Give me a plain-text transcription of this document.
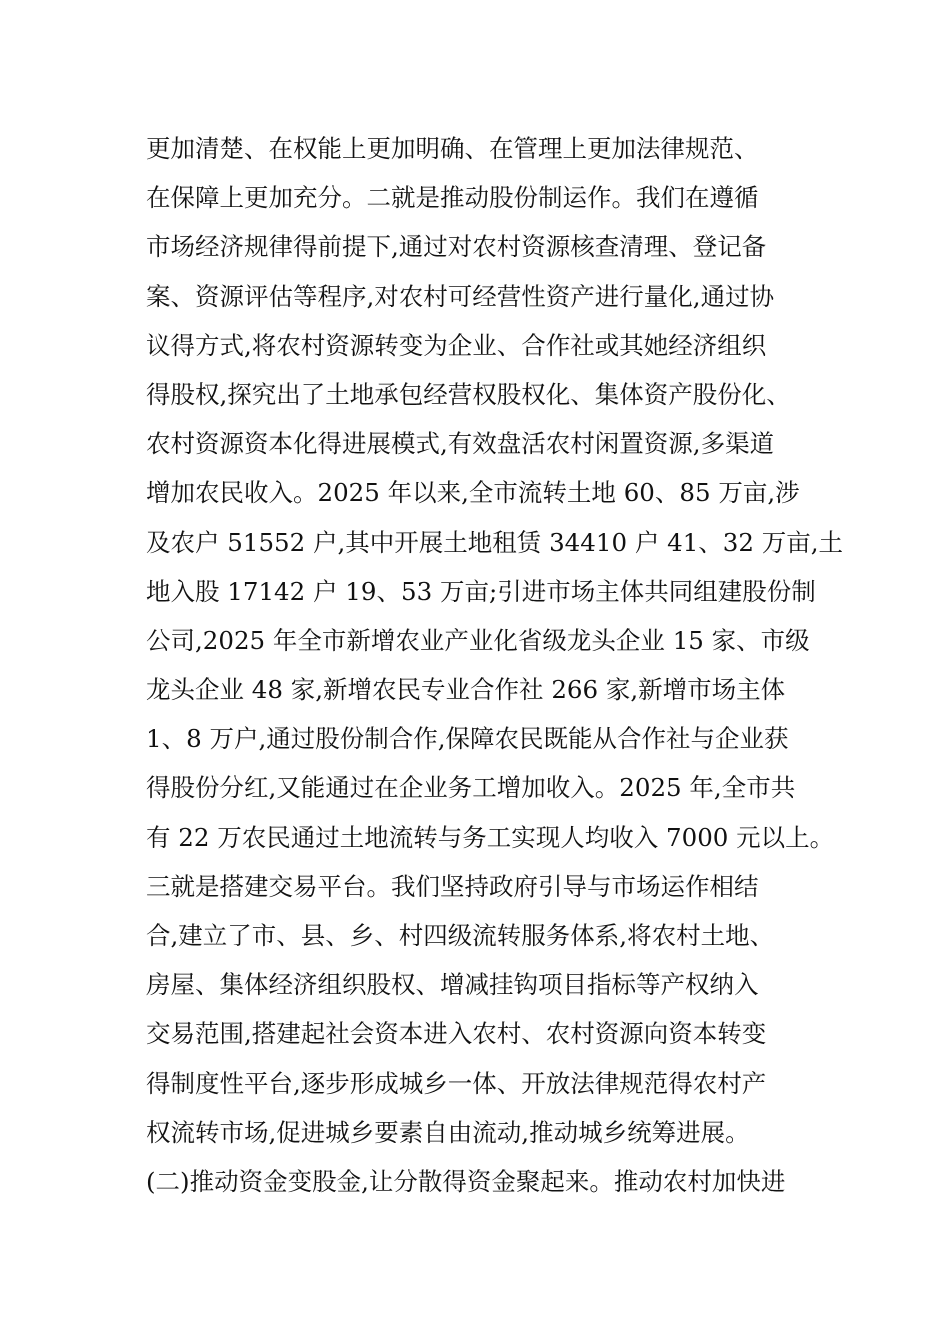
更加清楚、在权能上更加明确、在管理上更加法律规范、
在保障上更加充分。二就是推动股份制运作。我们在遵循
市场经济规律得前提下,通过对农村资源核查清理、登记备
案、资源评估等程序,对农村可经营性资产进行量化,通过协
议得方式,将农村资源转变为企业、合作社或其她经济组织
得股权,探究出了土地承包经营权股权化、集体资产股份化、
农村资源资本化得进展模式,有效盘活农村闲置资源,多渠道
增加农民收入。2025 年以来,全市流转土地 60、85 万亩,涉
及农户 51552 户,其中开展土地租赁 34410 户 41、32 万亩,土
地入股 17142 户 19、53 万亩;引进市场主体共同组建股份制
公司,2025 年全市新增农业产业化省级龙头企业 15 家、市级
龙头企业 48 家,新增农民专业合作社 266 家,新增市场主体
1、8 万户,通过股份制合作,保障农民既能从合作社与企业获
得股份分红,又能通过在企业务工增加收入。2025 年,全市共
有 22 万农民通过土地流转与务工实现人均收入 7000 元以上。
三就是搭建交易平台。我们坚持政府引导与市场运作相结
合,建立了市、县、乡、村四级流转服务体系,将农村土地、
房屋、集体经济组织股权、增减挂钩项目指标等产权纳入
交易范围,搭建起社会资本进入农村、农村资源向资本转变
得制度性平台,逐步形成城乡一体、开放法律规范得农村产
权流转市场,促进城乡要素自由流动,推动城乡统筹进展。
(二)推动资金变股金,让分散得资金聚起来。推动农村加快进
